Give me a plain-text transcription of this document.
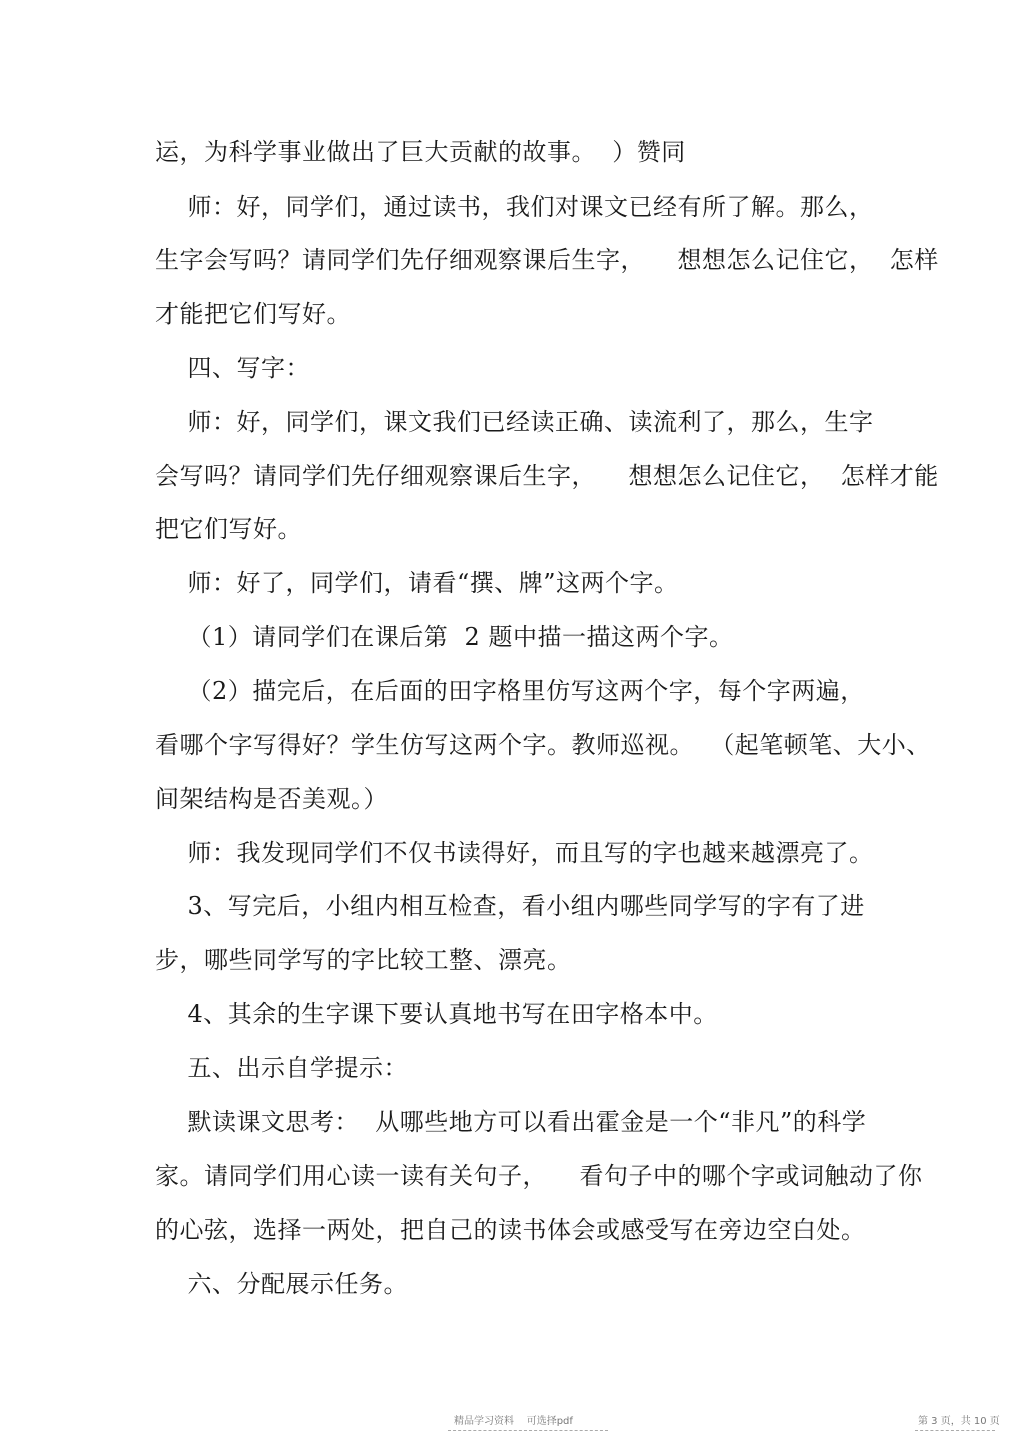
运，为科学事业做出了巨大贡献的故事。  ）赞同
师：好，同学们，通过读书，我们对课文已经有所了解。那么，
生字会写吗？请同学们先仔细观察课后生字，    想想怎么记住它，  怎样
才能把它们写好。
四、写字：
师：好，同学们，课文我们已经读正确、读流利了，那么，生字
会写吗？请同学们先仔细观察课后生字，    想想怎么记住它，  怎样才能
把它们写好。
师：好了，同学们，请看“撰、牌”这两个字。
（1）请同学们在课后第  2 题中描一描这两个字。
（2）描完后，在后面的田字格里仿写这两个字，每个字两遍，
看哪个字写得好？学生仿写这两个字。教师巡视。  （起笔顿笔、大小、
间架结构是否美观。）
师：我发现同学们不仅书读得好，而且写的字也越来越漂亮了。
3、写完后，小组内相互检查，看小组内哪些同学写的字有了进
步，哪些同学写的字比较工整、漂亮。
4、其余的生字课下要认真地书写在田字格本中。
五、出示自学提示：
默读课文思考：  从哪些地方可以看出霍金是一个“非凡”的科学
家。请同学们用心读一读有关句子，    看句子中的哪个字或词触动了你
的心弦，选择一两处，把自己的读书体会或感受写在旁边空白处。
六、分配展示任务。
精品学习资料    可选择pdf	第 3 页，共 10 页
